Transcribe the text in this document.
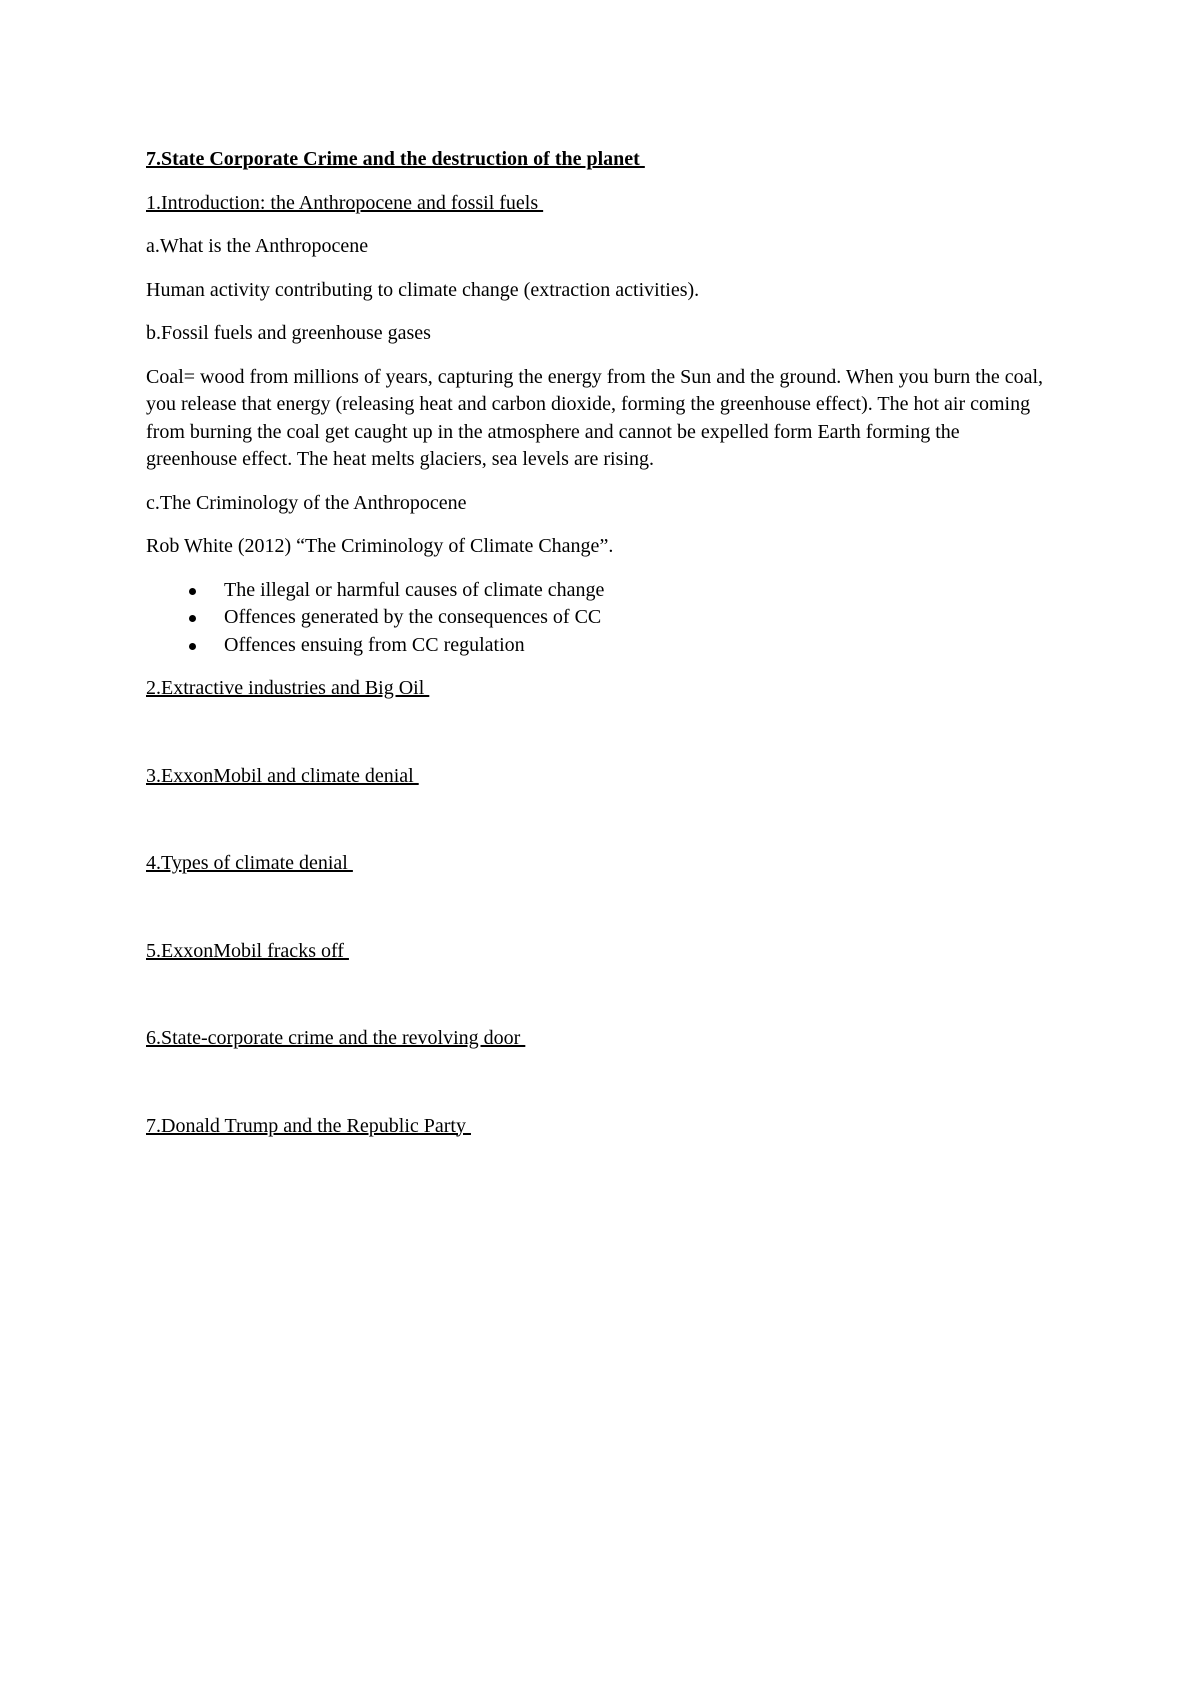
7.State Corporate Crime and the destruction of the planet

1.Introduction: the Anthropocene and fossil fuels

a.What is the Anthropocene

Human activity contributing to climate change (extraction activities).

b.Fossil fuels and greenhouse gases

Coal= wood from millions of years, capturing the energy from the Sun and the ground. When you burn the coal, you release that energy (releasing heat and carbon dioxide, forming the greenhouse effect). The hot air coming from burning the coal get caught up in the atmosphere and cannot be expelled form Earth forming the greenhouse effect. The heat melts glaciers, sea levels are rising.

c.The Criminology of the Anthropocene

Rob White (2012) “The Criminology of Climate Change”.

The illegal or harmful causes of climate change
Offences generated by the consequences of CC
Offences ensuing from CC regulation

2.Extractive industries and Big Oil

3.ExxonMobil and climate denial

4.Types of climate denial

5.ExxonMobil fracks off

6.State-corporate crime and the revolving door

7.Donald Trump and the Republic Party
